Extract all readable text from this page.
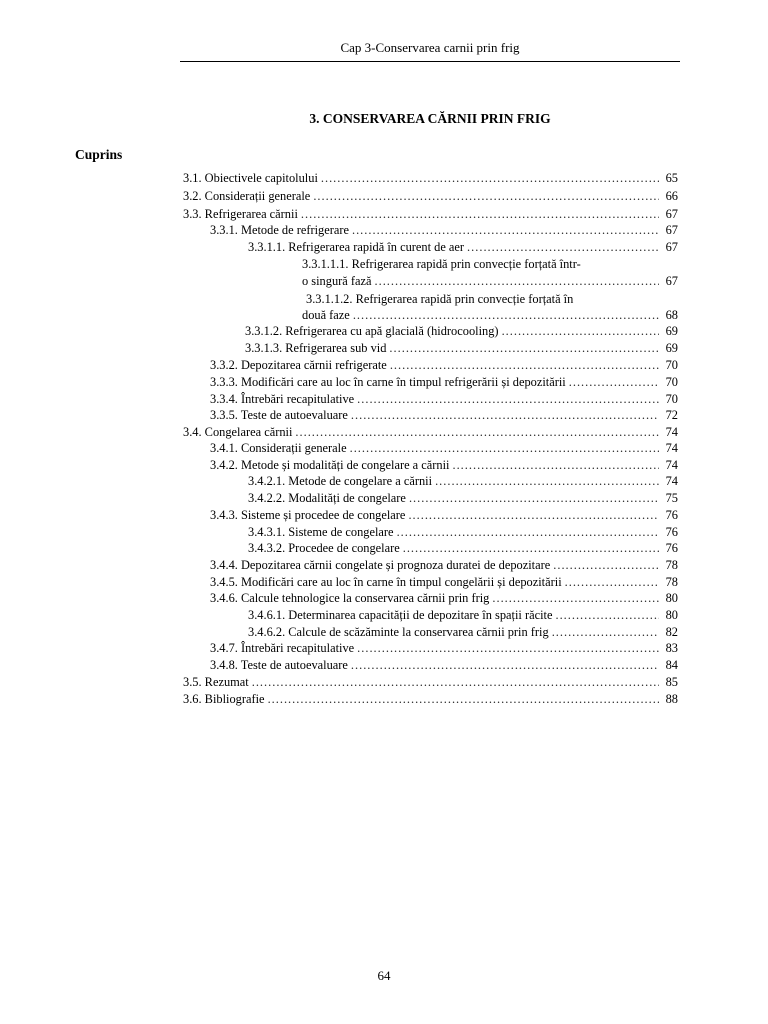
Cap 3-Conservarea carnii prin frig
3. CONSERVAREA CĂRNII PRIN FRIG
Cuprins
3.1. Obiectivele capitolului .....	65
3.2. Considerații generale .....	66
3.3. Refrigerarea cărnii .....	67
3.3.1. Metode de refrigerare .....	67
3.3.1.1. Refrigerarea rapidă în curent de aer .....	67
3.3.1.1.1. Refrigerarea rapidă prin convecție forțată într-
o singură fază .....	67
3.3.1.1.2. Refrigerarea rapidă prin convecție forțată în
două faze .....	68
3.3.1.2. Refrigerarea cu apă glacială (hidrocooling) .....	69
3.3.1.3. Refrigerarea sub vid .....	69
3.3.2. Depozitarea cărnii refrigerate .....	70
3.3.3. Modificări care au loc în carne în timpul refrigerării și depozitării .....	70
3.3.4. Întrebări recapitulative .....	70
3.3.5. Teste de autoevaluare .....	72
3.4. Congelarea cărnii .....	74
3.4.1. Considerații generale .....	74
3.4.2. Metode și modalități de congelare a cărnii .....	74
3.4.2.1. Metode de congelare a cărnii .....	74
3.4.2.2. Modalități de congelare .....	75
3.4.3. Sisteme și procedee de congelare .....	76
3.4.3.1. Sisteme de congelare .....	76
3.4.3.2. Procedee de congelare .....	76
3.4.4. Depozitarea cărnii congelate și prognoza duratei de depozitare .....	78
3.4.5. Modificări care au loc în carne în timpul congelării și depozitării .....	78
3.4.6. Calcule tehnologice la conservarea cărnii prin frig .....	80
3.4.6.1. Determinarea capacității de depozitare în spații răcite .....	80
3.4.6.2. Calcule de scăzăminte la conservarea cărnii prin frig .....	82
3.4.7. Întrebări recapitulative .....	83
3.4.8. Teste de autoevaluare .....	84
3.5. Rezumat .....	85
3.6. Bibliografie .....	88
64
